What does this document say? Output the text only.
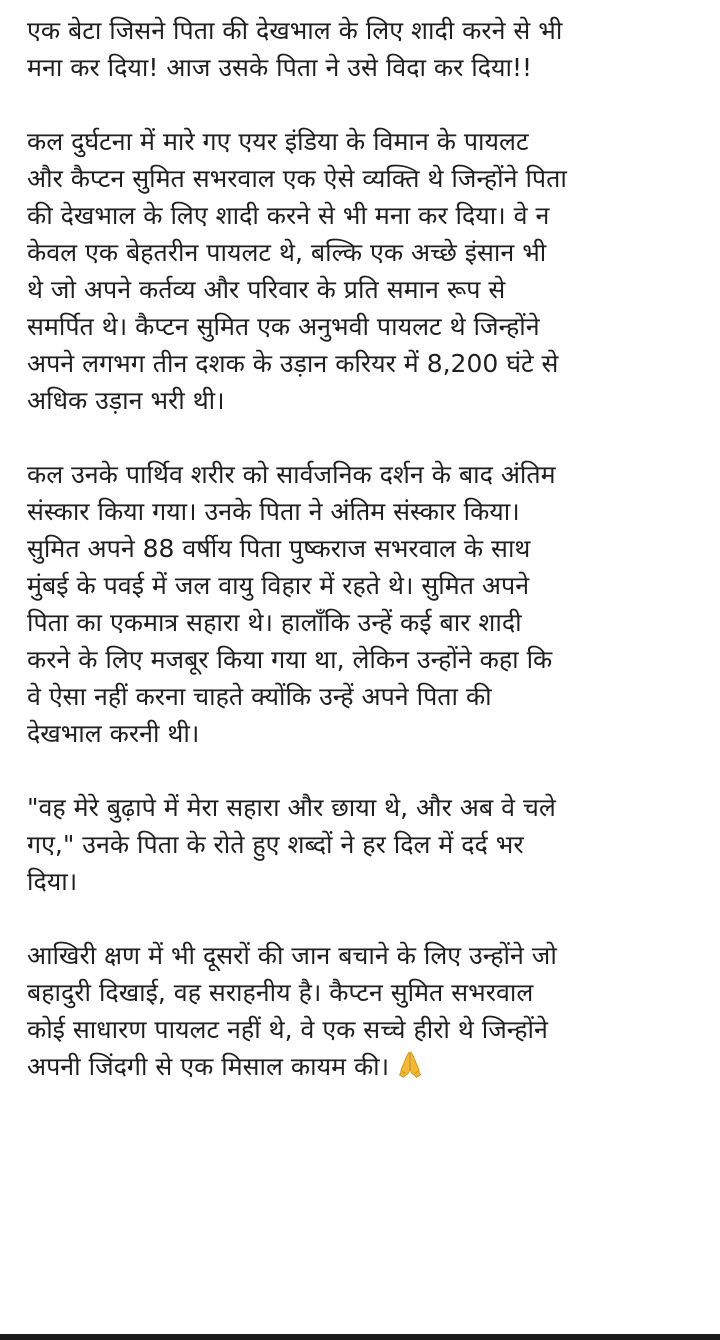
एक बेटा जिसने पिता की देखभाल के लिए शादी करने से भी
मना कर दिया! आज उसके पिता ने उसे विदा कर दिया!!

कल दुर्घटना में मारे गए एयर इंडिया के विमान के पायलट
और कैप्टन सुमित सभरवाल एक ऐसे व्यक्ति थे जिन्होंने पिता
की देखभाल के लिए शादी करने से भी मना कर दिया। वे न
केवल एक बेहतरीन पायलट थे, बल्कि एक अच्छे इंसान भी
थे जो अपने कर्तव्य और परिवार के प्रति समान रूप से
समर्पित थे। कैप्टन सुमित एक अनुभवी पायलट थे जिन्होंने
अपने लगभग तीन दशक के उड़ान करियर में 8,200 घंटे से
अधिक उड़ान भरी थी।

कल उनके पार्थिव शरीर को सार्वजनिक दर्शन के बाद अंतिम
संस्कार किया गया। उनके पिता ने अंतिम संस्कार किया।
सुमित अपने 88 वर्षीय पिता पुष्कराज सभरवाल के साथ
मुंबई के पवई में जल वायु विहार में रहते थे। सुमित अपने
पिता का एकमात्र सहारा थे। हालाँकि उन्हें कई बार शादी
करने के लिए मजबूर किया गया था, लेकिन उन्होंने कहा कि
वे ऐसा नहीं करना चाहते क्योंकि उन्हें अपने पिता की
देखभाल करनी थी।

"वह मेरे बुढ़ापे में मेरा सहारा और छाया थे, और अब वे चले
गए," उनके पिता के रोते हुए शब्दों ने हर दिल में दर्द भर
दिया।

आखिरी क्षण में भी दूसरों की जान बचाने के लिए उन्होंने जो
बहादुरी दिखाई, वह सराहनीय है। कैप्टन सुमित सभरवाल
कोई साधारण पायलट नहीं थे, वे एक सच्चे हीरो थे जिन्होंने
अपनी जिंदगी से एक मिसाल कायम की।
